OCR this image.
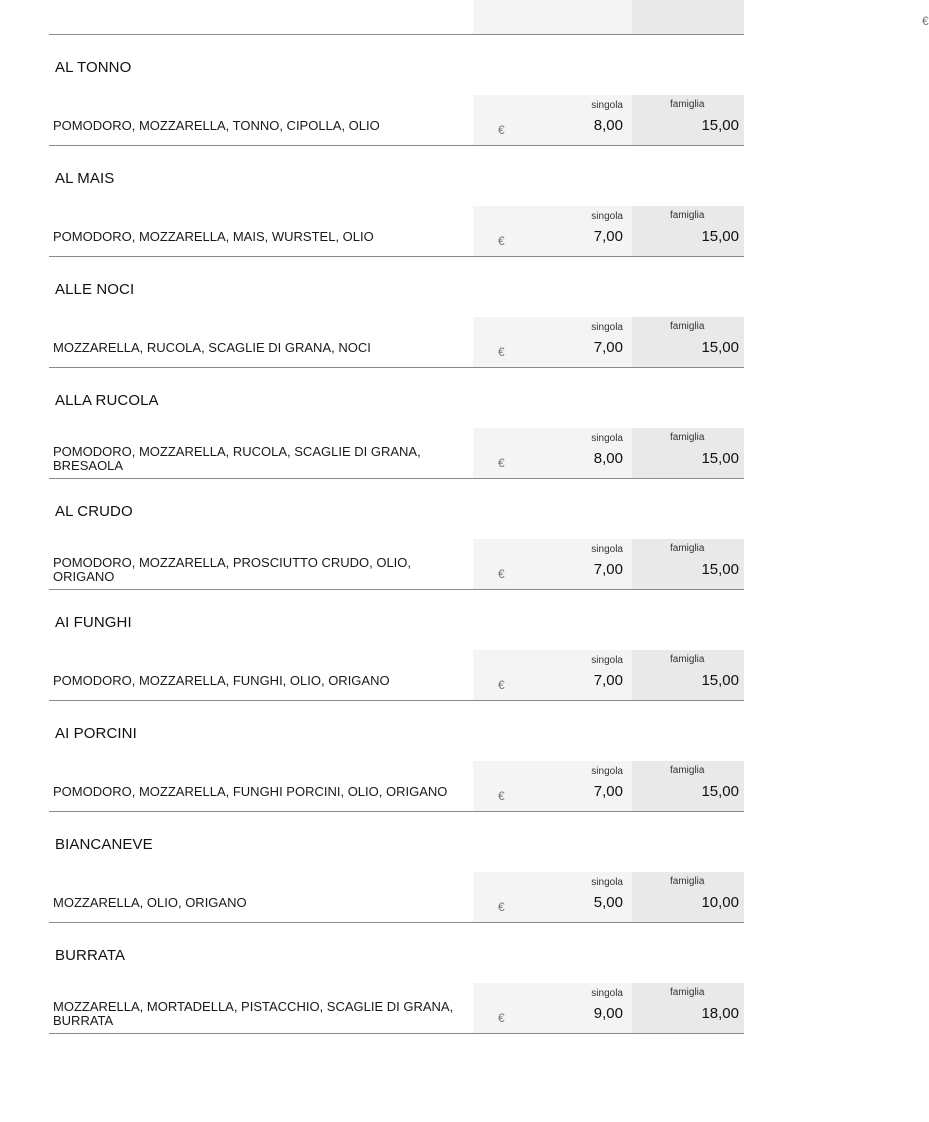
€
AL TONNO
POMODORO, MOZZARELLA, TONNO, CIPOLLA, OLIO
singola
€	8,00
famiglia
15,00
AL MAIS
POMODORO, MOZZARELLA, MAIS, WURSTEL, OLIO
singola
€	7,00
famiglia
15,00
ALLE NOCI
MOZZARELLA, RUCOLA, SCAGLIE DI GRANA, NOCI
singola
€	7,00
famiglia
15,00
ALLA RUCOLA
POMODORO, MOZZARELLA, RUCOLA, SCAGLIE DI GRANA, BRESAOLA
singola
€	8,00
famiglia
15,00
AL CRUDO
POMODORO, MOZZARELLA, PROSCIUTTO CRUDO, OLIO, ORIGANO
singola
€	7,00
famiglia
15,00
AI FUNGHI
POMODORO, MOZZARELLA, FUNGHI, OLIO, ORIGANO
singola
€	7,00
famiglia
15,00
AI PORCINI
POMODORO, MOZZARELLA, FUNGHI PORCINI, OLIO, ORIGANO
singola
€	7,00
famiglia
15,00
BIANCANEVE
MOZZARELLA, OLIO, ORIGANO
singola
€	5,00
famiglia
10,00
BURRATA
MOZZARELLA, MORTADELLA, PISTACCHIO, SCAGLIE DI GRANA, BURRATA
singola
€	9,00
famiglia
18,00
